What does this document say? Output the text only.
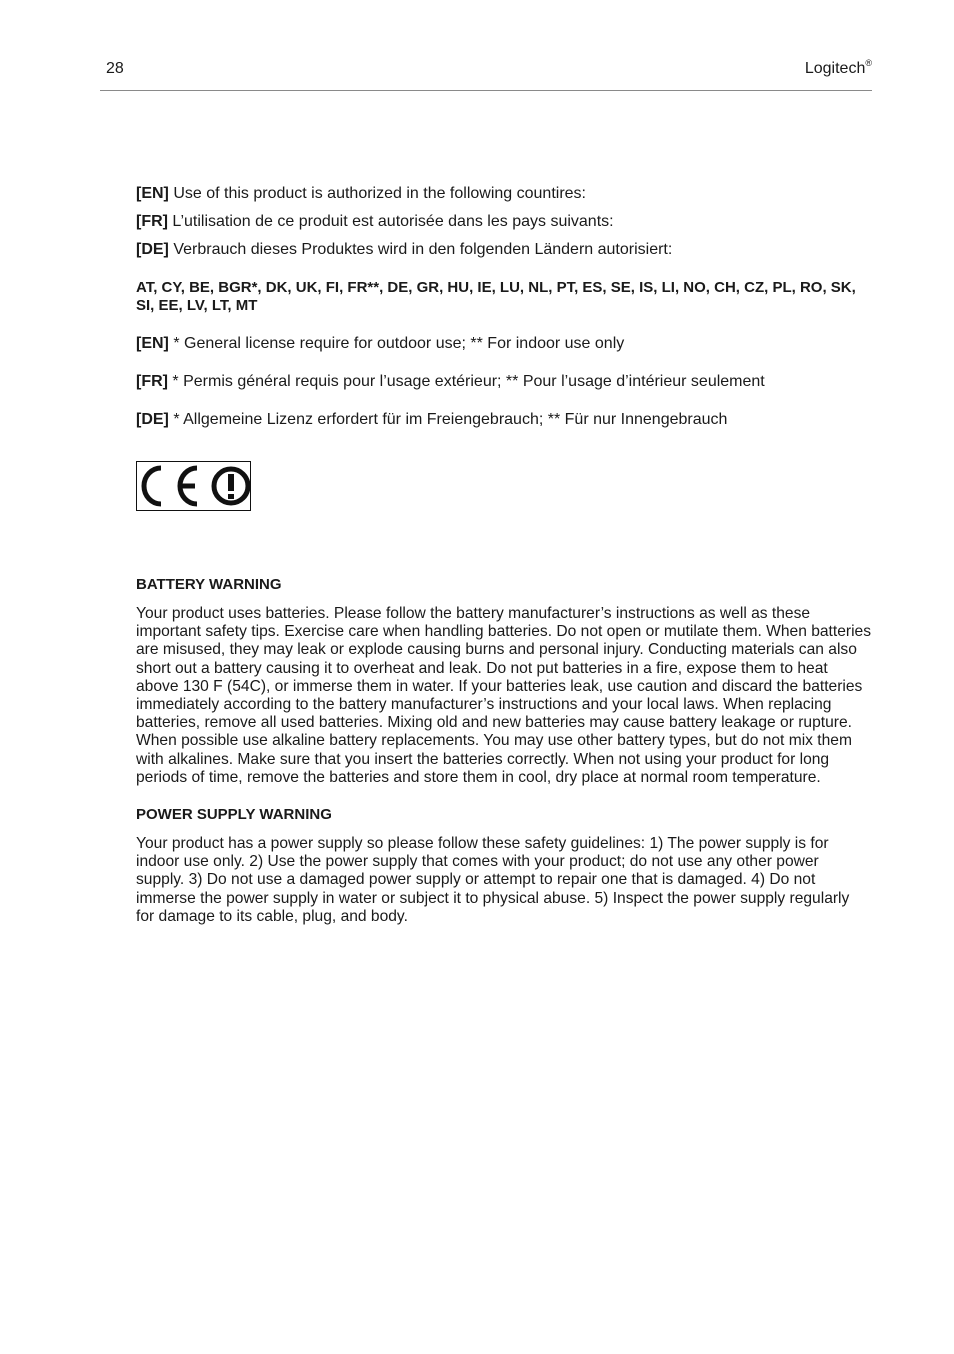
28	Logitech®

[EN] Use of this product is authorized in the following countires:

[FR] L’utilisation de ce produit est autorisée dans les pays suivants:

[DE] Verbrauch dieses Produktes wird in den folgenden Ländern autorisiert:

AT, CY, BE, BGR*, DK, UK, FI, FR**, DE, GR, HU, IE, LU, NL, PT, ES, SE, IS, LI, NO, CH, CZ, PL, RO, SK, SI, EE, LV, LT, MT

[EN] * General license require for outdoor use; ** For indoor use only

[FR] * Permis général requis pour l’usage extérieur; ** Pour l’usage d’intérieur seulement

[DE] * Allgemeine Lizenz erfordert für im Freiengebrauch; ** Für nur Innengebrauch

BATTERY WARNING

Your product uses batteries. Please follow the battery manufacturer’s instructions as well as these important safety tips. Exercise care when handling batteries. Do not open or mutilate them. When batteries are misused, they may leak or explode causing burns and personal injury. Conducting materials can also short out a battery causing it to overheat and leak. Do not put batteries in a fire, expose them to heat above 130 F (54C), or immerse them in water. If your batteries leak, use caution and discard the batteries immediately according to the battery manufacturer’s instructions and your local laws. When replacing batteries, remove all used batteries. Mixing old and new batteries may cause battery leakage or rupture. When possible use alkaline battery replacements. You may use other battery types, but do not mix them with alkalines. Make sure that you insert the batteries correctly. When not using your product for long periods of time, remove the batteries and store them in cool, dry place at normal room temperature.

POWER SUPPLY WARNING

Your product has a power supply so please follow these safety guidelines: 1) The power supply is for indoor use only. 2) Use the power supply that comes with your product; do not use any other power supply. 3) Do not use a damaged power supply or attempt to repair one that is damaged. 4) Do not immerse the power supply in water or subject it to physical abuse. 5) Inspect the power supply regularly for damage to its cable, plug, and body.
